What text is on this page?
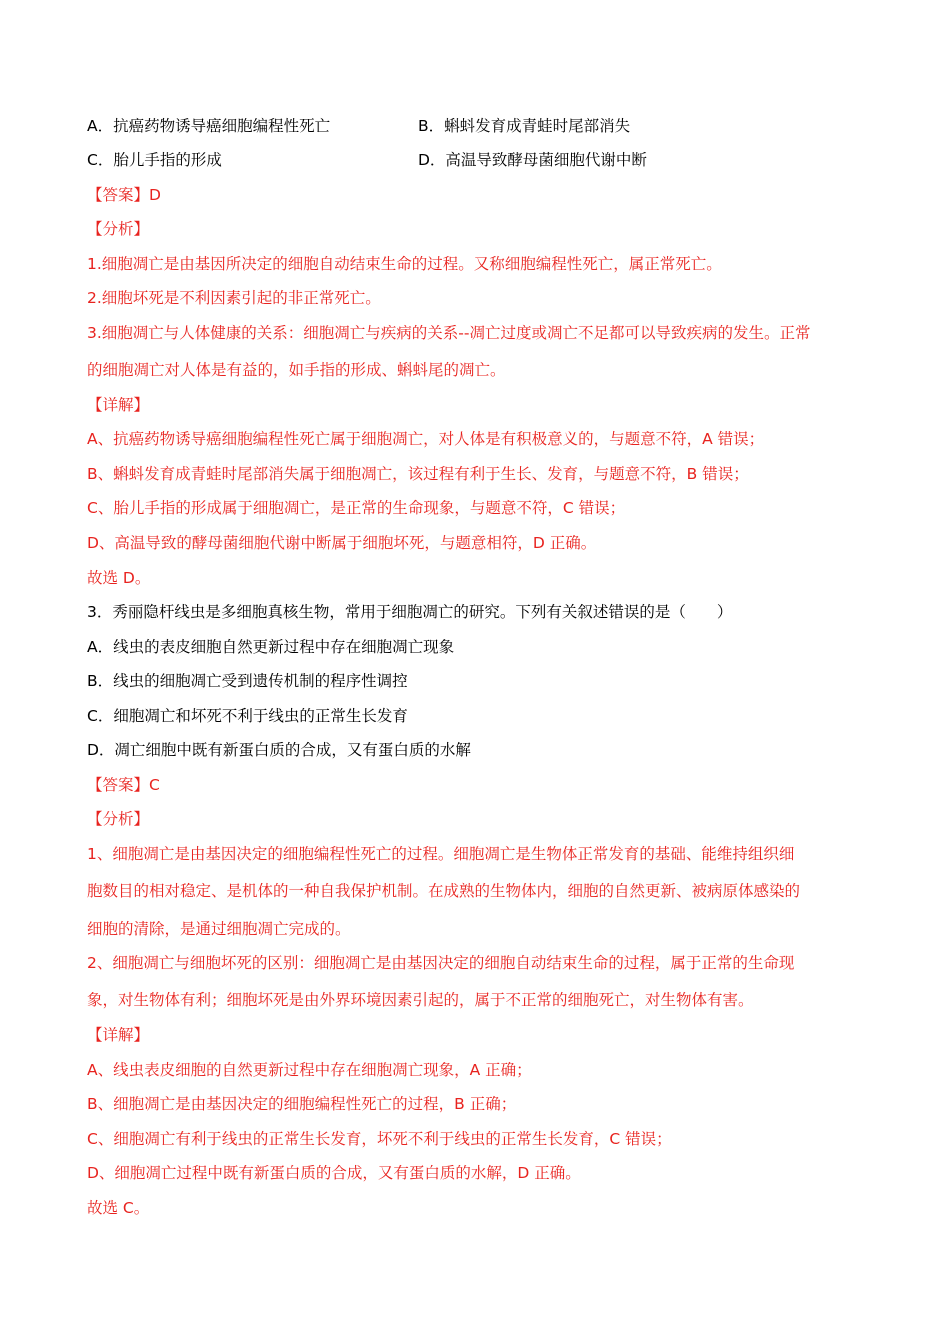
A．抗癌药物诱导癌细胞编程性死亡	B．蝌蚪发育成青蛙时尾部消失
C．胎儿手指的形成	D．高温导致酵母菌细胞代谢中断
【答案】D
【分析】
1.细胞凋亡是由基因所决定的细胞自动结束生命的过程。又称细胞编程性死亡，属正常死亡。
2.细胞坏死是不利因素引起的非正常死亡。
3.细胞凋亡与人体健康的关系：细胞凋亡与疾病的关系--凋亡过度或凋亡不足都可以导致疾病的发生。正常
的细胞凋亡对人体是有益的，如手指的形成、蝌蚪尾的凋亡。
【详解】
A、抗癌药物诱导癌细胞编程性死亡属于细胞凋亡，对人体是有积极意义的，与题意不符，A 错误；
B、蝌蚪发育成青蛙时尾部消失属于细胞凋亡，该过程有利于生长、发育，与题意不符，B 错误；
C、胎儿手指的形成属于细胞凋亡，是正常的生命现象，与题意不符，C 错误；
D、高温导致的酵母菌细胞代谢中断属于细胞坏死，与题意相符，D 正确。
故选 D。
3．秀丽隐杆线虫是多细胞真核生物，常用于细胞凋亡的研究。下列有关叙述错误的是（　　）
A．线虫的表皮细胞自然更新过程中存在细胞凋亡现象
B．线虫的细胞凋亡受到遗传机制的程序性调控
C．细胞凋亡和坏死不利于线虫的正常生长发育
D．凋亡细胞中既有新蛋白质的合成，又有蛋白质的水解
【答案】C
【分析】
1、细胞凋亡是由基因决定的细胞编程性死亡的过程。细胞凋亡是生物体正常发育的基础、能维持组织细
胞数目的相对稳定、是机体的一种自我保护机制。在成熟的生物体内，细胞的自然更新、被病原体感染的
细胞的清除，是通过细胞凋亡完成的。
2、细胞凋亡与细胞坏死的区别：细胞凋亡是由基因决定的细胞自动结束生命的过程，属于正常的生命现
象，对生物体有利；细胞坏死是由外界环境因素引起的，属于不正常的细胞死亡，对生物体有害。
【详解】
A、线虫表皮细胞的自然更新过程中存在细胞凋亡现象，A 正确；
B、细胞凋亡是由基因决定的细胞编程性死亡的过程，B 正确；
C、细胞凋亡有利于线虫的正常生长发育，坏死不利于线虫的正常生长发育，C 错误；
D、细胞凋亡过程中既有新蛋白质的合成，又有蛋白质的水解，D 正确。
故选 C。
